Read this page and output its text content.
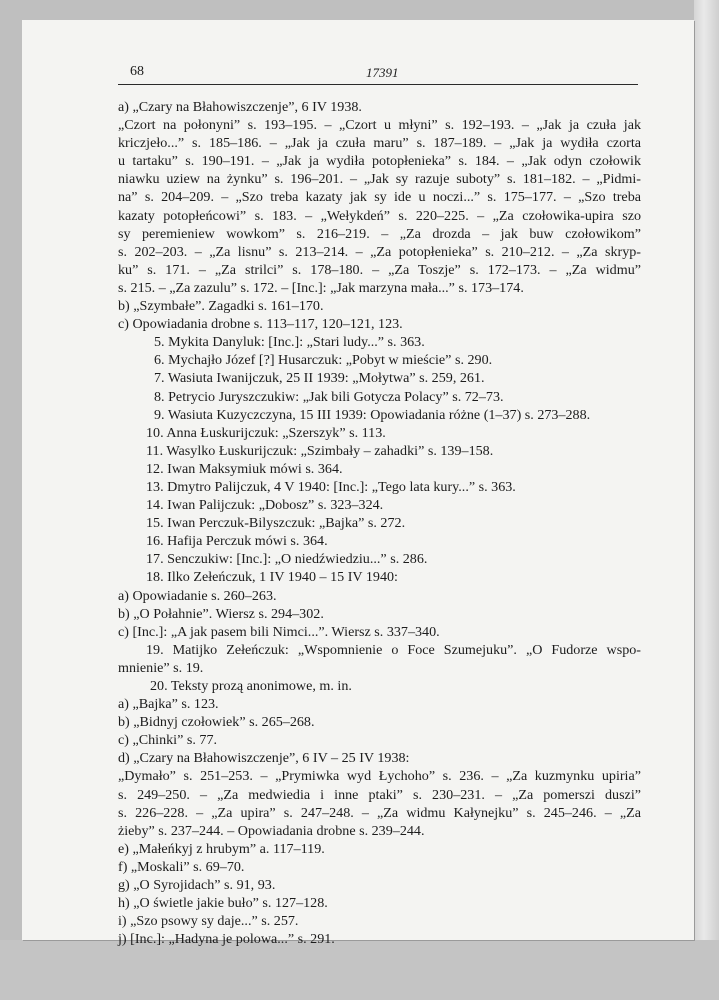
68	17391
a) „Czary na Błahowiszczenje”, 6 IV 1938.
„Czort na połonyni” s. 193–195. – „Czort u młyni” s. 192–193. – „Jak ja czuła jak
kriczjeło...” s. 185–186. – „Jak ja czuła maru” s. 187–189. – „Jak ja wydiła czorta
u tartaku” s. 190–191. – „Jak ja wydiła potopłenieka” s. 184. – „Jak odyn czołowik
niawku uziew na żynku” s. 196–201. – „Jak sy razuje suboty” s. 181–182. – „Pidmi-
na” s. 204–209. – „Szo treba kazaty jak sy ide u noczi...” s. 175–177. – „Szo treba
kazaty potopłeńcowi” s. 183. – „Wełykdeń” s. 220–225. – „Za czołowika-upira szo
sy peremieniew wowkom” s. 216–219. – „Za drozda – jak buw czołowikom”
s. 202–203. – „Za lisnu” s. 213–214. – „Za potopłenieka” s. 210–212. – „Za skryp-
ku” s. 171. – „Za strilci” s. 178–180. – „Za Toszje” s. 172–173. – „Za widmu”
s. 215. – „Za zazulu” s. 172. – [Inc.]: „Jak marzyna mała...” s. 173–174.
b) „Szymbałe”. Zagadki s. 161–170.
c) Opowiadania drobne s. 113–117, 120–121, 123.
5. Mykita Danyluk: [Inc.]: „Stari ludy...” s. 363.
6. Mychajło Józef [?] Husarczuk: „Pobyt w mieście” s. 290.
7. Wasiuta Iwanijczuk, 25 II 1939: „Mołytwa” s. 259, 261.
8. Petrycio Juryszczukiw: „Jak bili Gotycza Polacy” s. 72–73.
9. Wasiuta Kuzyczczyna, 15 III 1939: Opowiadania różne (1–37) s. 273–288.
10. Anna Łuskurijczuk: „Szerszyk” s. 113.
11. Wasylko Łuskurijczuk: „Szimbały – zahadki” s. 139–158.
12. Iwan Maksymiuk mówi s. 364.
13. Dmytro Palijczuk, 4 V 1940: [Inc.]: „Tego lata kury...” s. 363.
14. Iwan Palijczuk: „Dobosz” s. 323–324.
15. Iwan Perczuk-Bilyszczuk: „Bajka” s. 272.
16. Hafija Perczuk mówi s. 364.
17. Senczukiw: [Inc.]: „O niedźwiedziu...” s. 286.
18. Ilko Zełeńczuk, 1 IV 1940 – 15 IV 1940:
a) Opowiadanie s. 260–263.
b) „O Połahnie”. Wiersz s. 294–302.
c) [Inc.]: „A jak pasem bili Nimci...”. Wiersz s. 337–340.
19. Matijko Zełeńczuk: „Wspomnienie o Foce Szumejuku”. „O Fudorze wspo-
mnienie” s. 19.
20. Teksty prozą anonimowe, m. in.
a) „Bajka” s. 123.
b) „Bidnyj czołowiek” s. 265–268.
c) „Chinki” s. 77.
d) „Czary na Błahowiszczenje”, 6 IV – 25 IV 1938:
„Dymało” s. 251–253. – „Prymiwka wyd Łychoho” s. 236. – „Za kuzmynku upiria”
s. 249–250. – „Za medwiedia i inne ptaki” s. 230–231. – „Za pomerszi duszi”
s. 226–228. – „Za upira” s. 247–248. – „Za widmu Kałynejku” s. 245–246. – „Za
żieby” s. 237–244. – Opowiadania drobne s. 239–244.
e) „Małeńkyj z hrubym” a. 117–119.
f) „Moskali” s. 69–70.
g) „O Syrojidach” s. 91, 93.
h) „O świetle jakie buło” s. 127–128.
i) „Szo psowy sy daje...” s. 257.
j) [Inc.]: „Hadyna je polowa...” s. 291.
